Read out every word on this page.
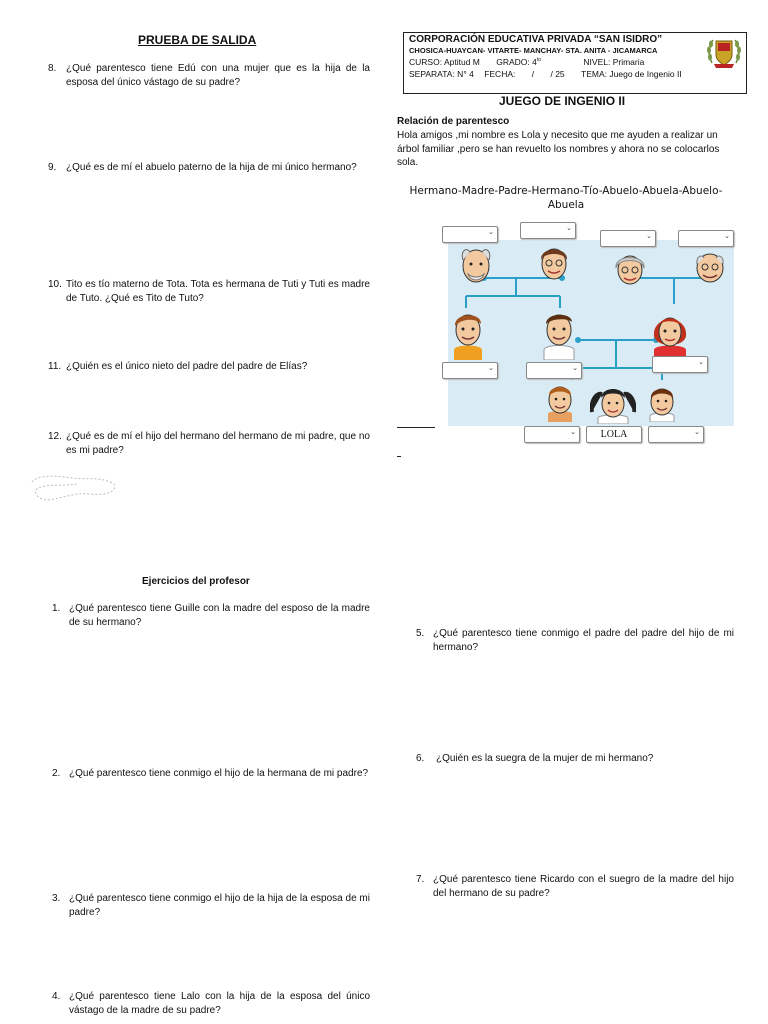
PRUEBA DE SALIDA
8. ¿Qué parentesco tiene Edú con una mujer que es la hija de la esposa del único vástago de su padre?
9. ¿Qué es de mí el abuelo paterno de la hija de mi único hermano?
10. Tito es tío materno de Tota. Tota es hermana de Tuti y Tuti es madre de Tuto. ¿Qué es Tito de Tuto?
11. ¿Quién es el único nieto del padre del padre de Elías?
12. ¿Qué es de mí el hijo del hermano del hermano de mi padre, que no es mi padre?
Ejercicios del profesor
1. ¿Qué parentesco tiene Guille con la madre del esposo de la madre de su hermano?
2. ¿Qué parentesco tiene conmigo el hijo de la hermana de mi padre?
3. ¿Qué parentesco tiene conmigo el hijo de la hija de la esposa de mi padre?
4. ¿Qué parentesco tiene Lalo con la hija de la esposa del único vástago de la madre de su padre?
CORPORACIÓN EDUCATIVA PRIVADA “SAN ISIDRO”
CHOSICA-HUAYCAN- VITARTE- MANCHAY- STA. ANITA - JICAMARCA
CURSO: Aptitud M GRADO: $4^{to}$	NIVEL: Primaria
SEPARATA: N° 4 FECHA: / / 25 TEMA: Juego de Ingenio II
JUEGO DE INGENIO II
Relación de parentesco
Hola amigos ,mi nombre es Lola y necesito que me ayuden a realizar un árbol familiar ,pero se han revuelto los nombres y ahora no se colocarlos sola.
Hermano-Madre-Padre-Hermano-Tío-Abuelo-Abuela-Abuelo-Abuela
⌄
⌄
⌄	⌄
⌄	⌄
⌄
⌄	LOLA	⌄
5. ¿Qué parentesco tiene conmigo el padre del padre del hijo de mi hermano?
6. ¿Quién es la suegra de la mujer de mi hermano?
7. ¿Qué parentesco tiene Ricardo con el suegro de la madre del hijo del hermano de su padre?
